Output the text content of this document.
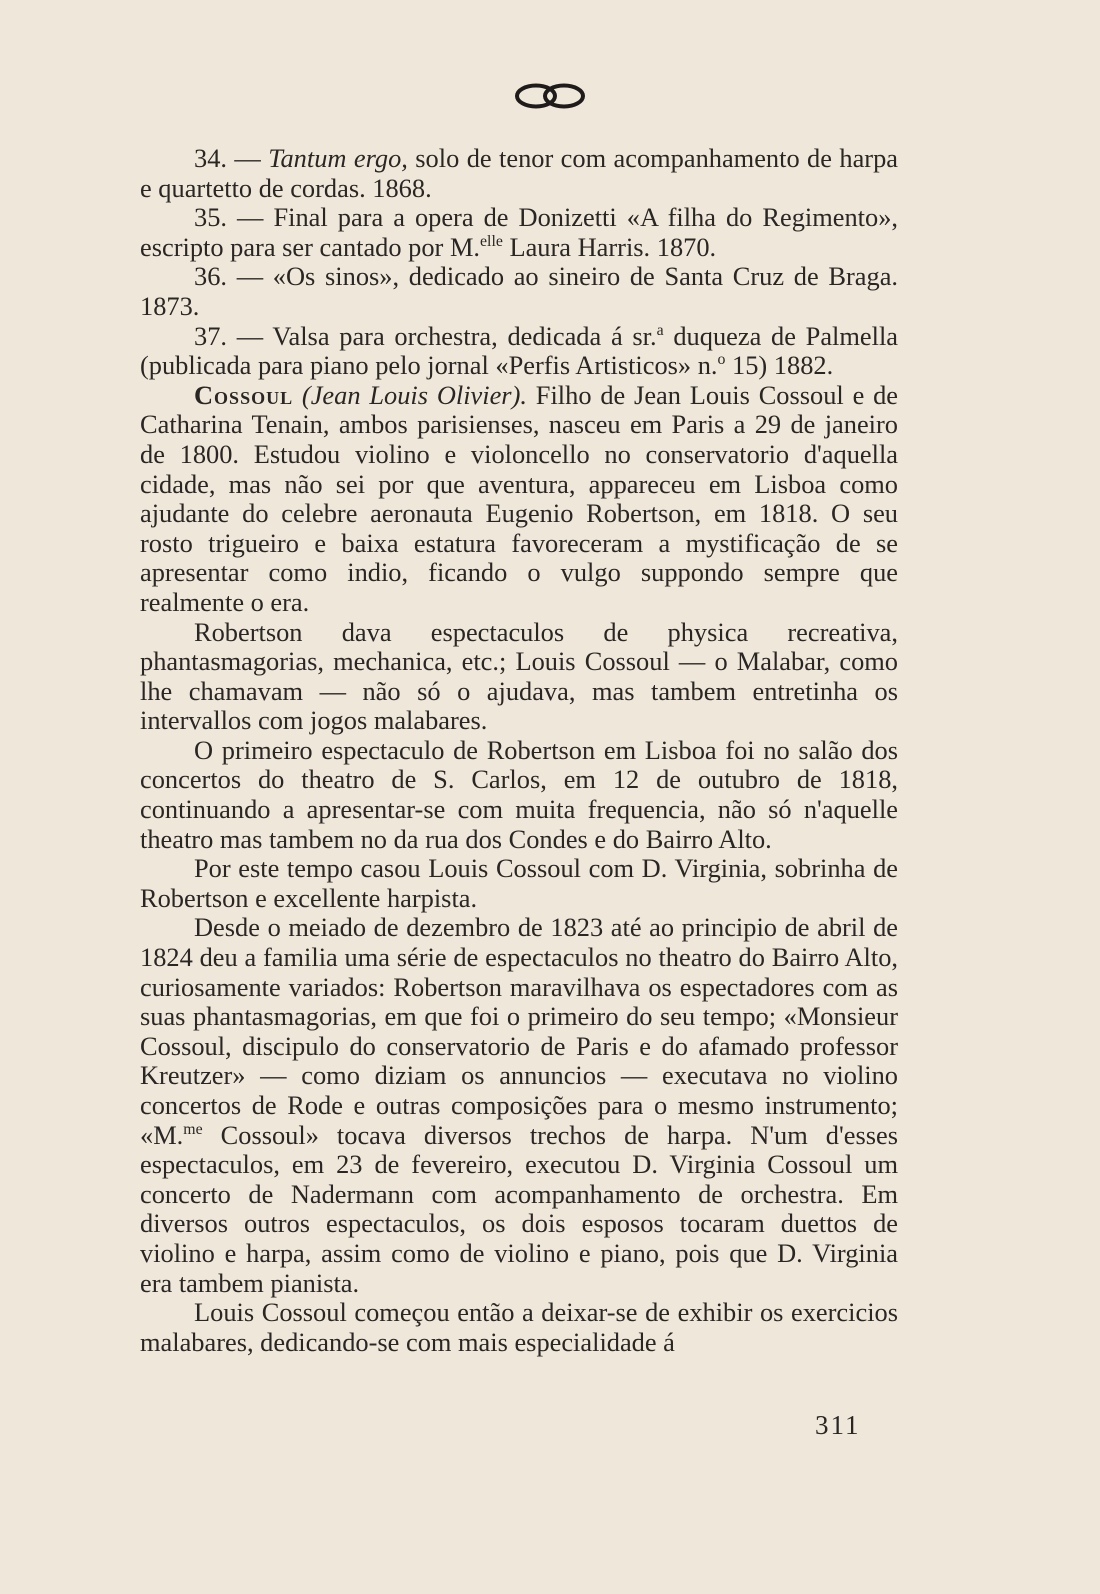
34. — Tantum ergo, solo de tenor com acompanhamento de harpa e quartetto de cordas. 1868.

35. — Final para a opera de Donizetti «A filha do Regimento», escripto para ser cantado por M.$^{elle}$ Laura Harris. 1870.

36. — «Os sinos», dedicado ao sineiro de Santa Cruz de Braga. 1873.

37. — Valsa para orchestra, dedicada á sr.$^a$ duqueza de Palmella (publicada para piano pelo jornal «Perfis Artisticos» n.$^o$ 15) 1882.

Cossoul (Jean Louis Olivier). Filho de Jean Louis Cossoul e de Catharina Tenain, ambos parisienses, nasceu em Paris a 29 de janeiro de 1800. Estudou violino e violoncello no conservatorio d'aquella cidade, mas não sei por que aventura, appareceu em Lisboa como ajudante do celebre aeronauta Eugenio Robertson, em 1818. O seu rosto trigueiro e baixa estatura favoreceram a mystificação de se apresentar como indio, ficando o vulgo suppondo sempre que realmente o era.

Robertson dava espectaculos de physica recreativa, phantasmagorias, mechanica, etc.; Louis Cossoul — o Malabar, como lhe chamavam — não só o ajudava, mas tambem entretinha os intervallos com jogos malabares.

O primeiro espectaculo de Robertson em Lisboa foi no salão dos concertos do theatro de S. Carlos, em 12 de outubro de 1818, continuando a apresentar-se com muita frequencia, não só n'aquelle theatro mas tambem no da rua dos Condes e do Bairro Alto.

Por este tempo casou Louis Cossoul com D. Virginia, sobrinha de Robertson e excellente harpista.

Desde o meiado de dezembro de 1823 até ao principio de abril de 1824 deu a familia uma série de espectaculos no theatro do Bairro Alto, curiosamente variados: Robertson maravilhava os espectadores com as suas phantasmagorias, em que foi o primeiro do seu tempo; «Monsieur Cossoul, discipulo do conservatorio de Paris e do afamado professor Kreutzer» — como diziam os annuncios — executava no violino concertos de Rode e outras composições para o mesmo instrumento; «M.$^{me}$ Cossoul» tocava diversos trechos de harpa. N'um d'esses espectaculos, em 23 de fevereiro, executou D. Virginia Cossoul um concerto de Nadermann com acompanhamento de orchestra. Em diversos outros espectaculos, os dois esposos tocaram duettos de violino e harpa, assim como de violino e piano, pois que D. Virginia era tambem pianista.

Louis Cossoul começou então a deixar-se de exhibir os exercicios malabares, dedicando-se com mais especialidade á

311
